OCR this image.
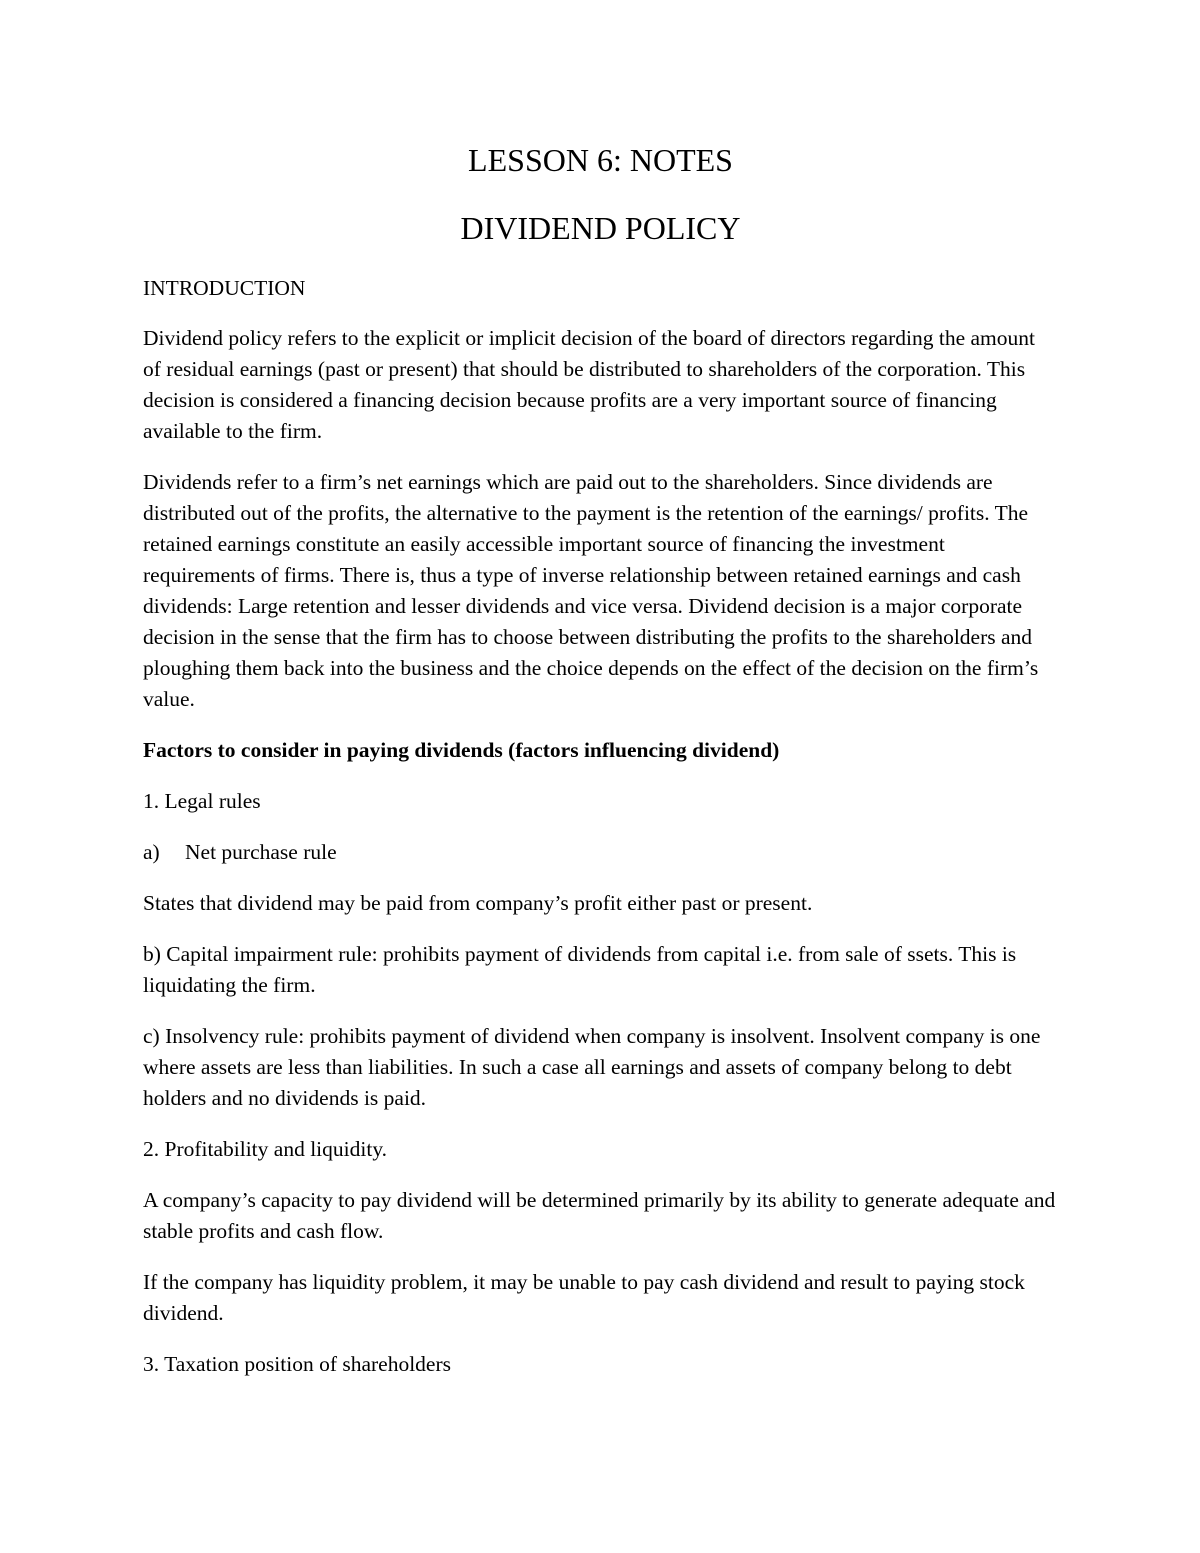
LESSON 6: NOTES
DIVIDEND POLICY

INTRODUCTION

Dividend policy refers to the explicit or implicit decision of the board of directors regarding the amount of residual earnings (past or present) that should be distributed to shareholders of the corporation. This decision is considered a financing decision because profits are a very important source of financing available to the firm.

Dividends refer to a firm’s net earnings which are paid out to the shareholders. Since dividends are distributed out of the profits, the alternative to the payment is the retention of the earnings/ profits. The retained earnings constitute an easily accessible important source of financing the investment requirements of firms. There is, thus a type of inverse relationship between retained earnings and cash dividends: Large retention and lesser dividends and vice versa. Dividend decision is a major corporate decision in the sense that the firm has to choose between distributing the profits to the shareholders and ploughing them back into the business and the choice depends on the effect of the decision on the firm’s value.

Factors to consider in paying dividends (factors influencing dividend)

1. Legal rules

a) Net purchase rule

States that dividend may be paid from company’s profit either past or present.

b) Capital impairment rule: prohibits payment of dividends from capital i.e. from sale of ssets. This is liquidating the firm.

c) Insolvency rule: prohibits payment of dividend when company is insolvent. Insolvent company is one where assets are less than liabilities. In such a case all earnings and assets of company belong to debt holders and no dividends is paid.

2. Profitability and liquidity.

A company’s capacity to pay dividend will be determined primarily by its ability to generate adequate and stable profits and cash flow.

If the company has liquidity problem, it may be unable to pay cash dividend and result to paying stock dividend.

3. Taxation position of shareholders
